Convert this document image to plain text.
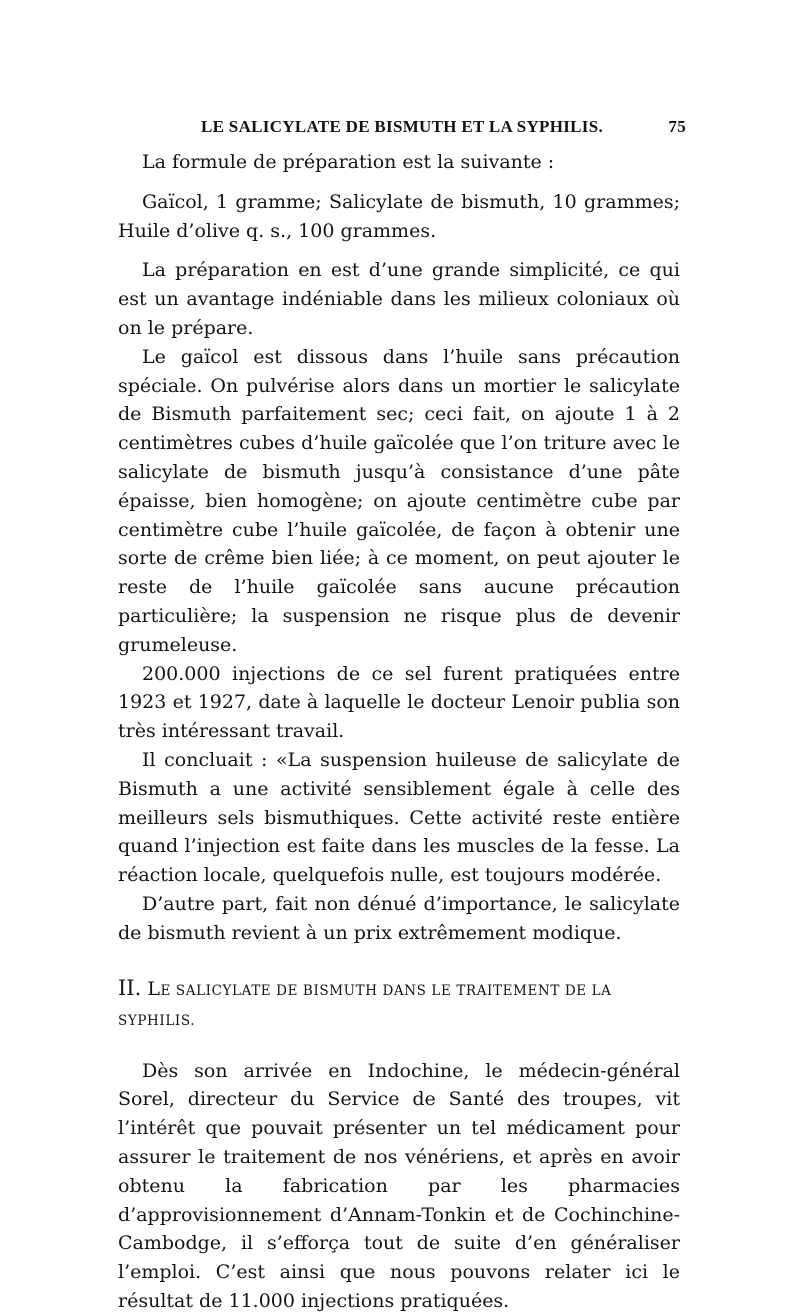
LE SALICYLATE DE BISMUTH ET LA SYPHILIS.	75

La formule de préparation est la suivante :

Gaïcol, 1 gramme; Salicylate de bismuth, 10 grammes; Huile d’olive q. s., 100 grammes.

La préparation en est d’une grande simplicité, ce qui est un avantage indéniable dans les milieux coloniaux où on le prépare.

Le gaïcol est dissous dans l’huile sans précaution spéciale. On pulvérise alors dans un mortier le salicylate de Bismuth parfaitement sec; ceci fait, on ajoute 1 à 2 centimètres cubes d’huile gaïcolée que l’on triture avec le salicylate de bismuth jusqu’à consistance d’une pâte épaisse, bien homogène; on ajoute centimètre cube par centimètre cube l’huile gaïcolée, de façon à obtenir une sorte de crême bien liée; à ce moment, on peut ajouter le reste de l’huile gaïcolée sans aucune précaution particulière; la suspension ne risque plus de devenir grumeleuse.

200.000 injections de ce sel furent pratiquées entre 1923 et 1927, date à laquelle le docteur Lenoir publia son très intéressant travail.

Il concluait : «La suspension huileuse de salicylate de Bismuth a une activité sensiblement égale à celle des meilleurs sels bismuthiques. Cette activité reste entière quand l’injection est faite dans les muscles de la fesse. La réaction locale, quelquefois nulle, est toujours modérée.

D’autre part, fait non dénué d’importance, le salicylate de bismuth revient à un prix extrêmement modique.

II. LE SALICYLATE DE BISMUTH DANS LE TRAITEMENT DE LA SYPHILIS.

Dès son arrivée en Indochine, le médecin-général Sorel, directeur du Service de Santé des troupes, vit l’intérêt que pouvait présenter un tel médicament pour assurer le traitement de nos vénériens, et après en avoir obtenu la fabrication par les pharmacies d’approvisionnement d’Annam-Tonkin et de Cochinchine-Cambodge, il s’efforça tout de suite d’en généraliser l’emploi. C’est ainsi que nous pouvons relater ici le résultat de 11.000 injections pratiquées.
